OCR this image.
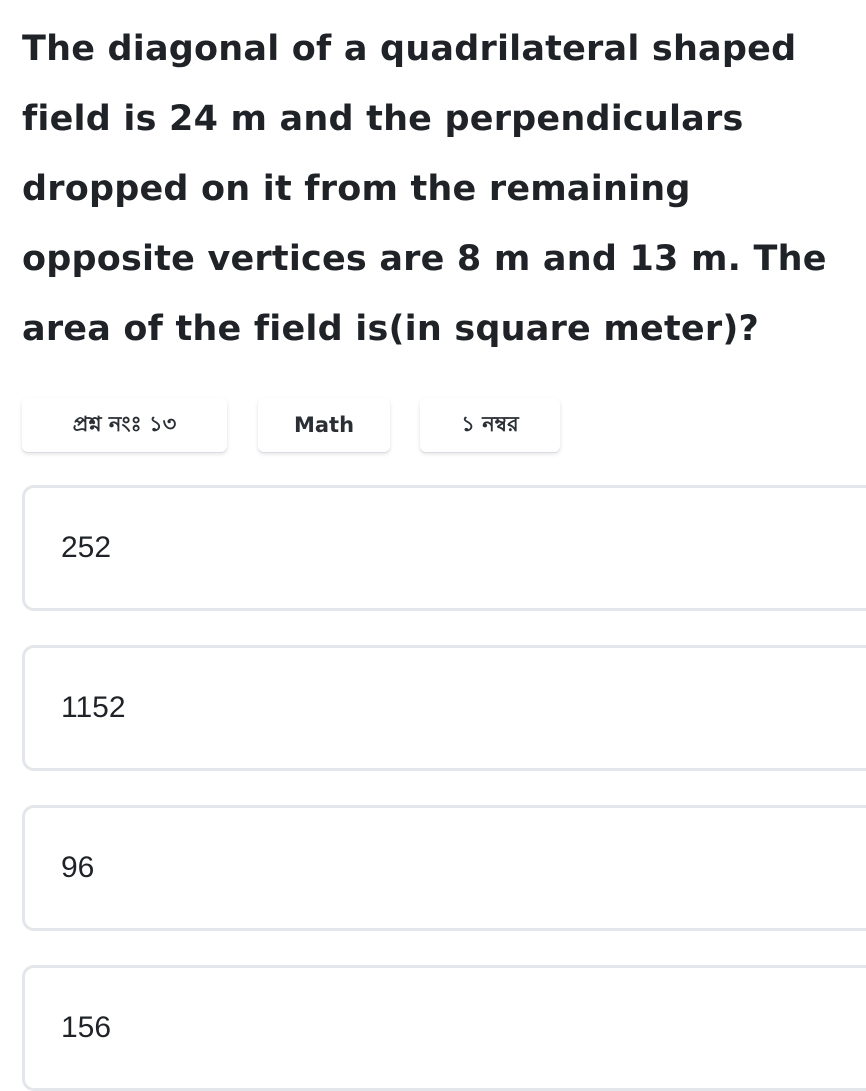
The diagonal of a quadrilateral shaped field is 24 m and the perpendiculars dropped on it from the remaining opposite vertices are 8 m and 13 m. The area of the field is(in square meter)?

প্রশ্ন নংঃ ১৩	Math	১ নম্বর
252
1152
96
156
